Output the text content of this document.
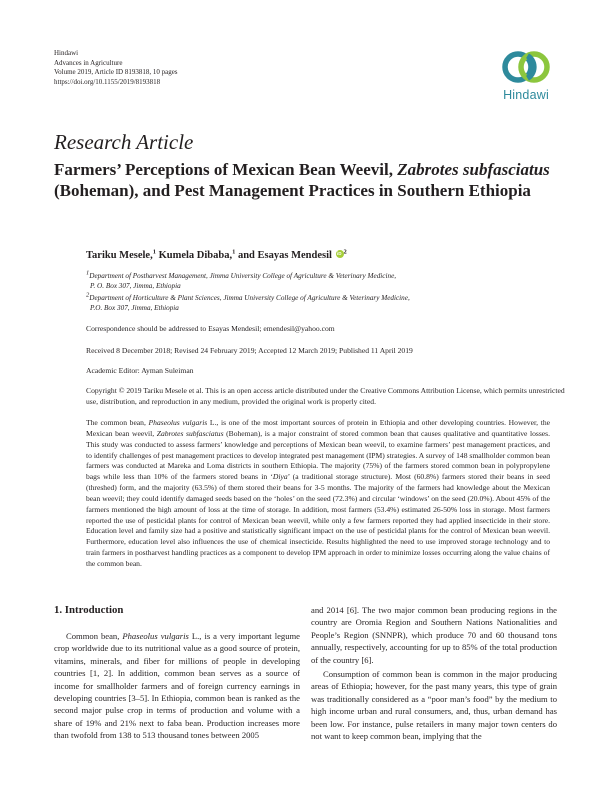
Hindawi
Advances in Agriculture
Volume 2019, Article ID 8193818, 10 pages
https://doi.org/10.1155/2019/8193818
Hindawi
Research Article
Farmers’ Perceptions of Mexican Bean Weevil, Zabrotes subfasciatus (Boheman), and Pest Management Practices in Southern Ethiopia
Tariku Mesele,$^1$ Kumela Dibaba,$^1$ and Esayas Mendesil iD $^2$
$^1$Department of Postharvest Management, Jimma University College of Agriculture & Veterinary Medicine,
P. O. Box 307, Jimma, Ethiopia
$^2$Department of Horticulture & Plant Sciences, Jimma University College of Agriculture & Veterinary Medicine,
P.O. Box 307, Jimma, Ethiopia
Correspondence should be addressed to Esayas Mendesil; emendesil@yahoo.com
Received 8 December 2018; Revised 24 February 2019; Accepted 12 March 2019; Published 11 April 2019
Academic Editor: Ayman Suleiman
Copyright © 2019 Tariku Mesele et al. This is an open access article distributed under the Creative Commons Attribution License, which permits unrestricted use, distribution, and reproduction in any medium, provided the original work is properly cited.
The common bean, Phaseolus vulgaris L., is one of the most important sources of protein in Ethiopia and other developing countries. However, the Mexican bean weevil, Zabrotes subfasciatus (Boheman), is a major constraint of stored common bean that causes qualitative and quantitative losses. This study was conducted to assess farmers’ knowledge and perceptions of Mexican bean weevil, to examine farmers’ pest management practices, and to identify challenges of pest management practices to develop integrated pest management (IPM) strategies. A survey of 148 smallholder common bean farmers was conducted at Mareka and Loma districts in southern Ethiopia. The majority (75%) of the farmers stored common bean in polypropylene bags while less than 10% of the farmers stored beans in ‘Diya’ (a traditional storage structure). Most (60.8%) farmers stored their beans in seed (threshed) form, and the majority (63.5%) of them stored their beans for 3-5 months. The majority of the farmers had knowledge about the Mexican bean weevil; they could identify damaged seeds based on the ‘holes’ on the seed (72.3%) and circular ‘windows’ on the seed (20.0%). About 45% of the farmers mentioned the high amount of loss at the time of storage. In addition, most farmers (53.4%) estimated 26-50% loss in storage. Most farmers reported the use of pesticidal plants for control of Mexican bean weevil, while only a few farmers reported they had applied insecticide in their store. Education level and family size had a positive and statistically significant impact on the use of pesticidal plants for the control of Mexican bean weevil. Furthermore, education level also influences the use of chemical insecticide. Results highlighted the need to use improved storage technology and to train farmers in postharvest handling practices as a component to develop IPM approach in order to minimize losses occurring along the value chains of the common bean.
1. Introduction

Common bean, Phaseolus vulgaris L., is a very important legume crop worldwide due to its nutritional value as a good source of protein, vitamins, minerals, and fiber for millions of people in developing countries [1, 2]. In addition, common bean serves as a source of income for smallholder farmers and of foreign currency earnings in developing countries [3–5]. In Ethiopia, common bean is ranked as the second major pulse crop in terms of production and volume with a share of 19% and 21% next to faba bean. Production increases more than twofold from 138 to 513 thousand tones between 2005

and 2014 [6]. The two major common bean producing regions in the country are Oromia Region and Southern Nations Nationalities and People’s Region (SNNPR), which produce 70 and 60 thousand tons annually, respectively, accounting for up to 85% of the total production of the country [6].

Consumption of common bean is common in the major producing areas of Ethiopia; however, for the past many years, this type of grain was traditionally considered as a “poor man’s food” by the medium to high income urban and rural consumers, and, thus, urban demand has been low. For instance, pulse retailers in many major town centers do not want to keep common bean, implying that the
